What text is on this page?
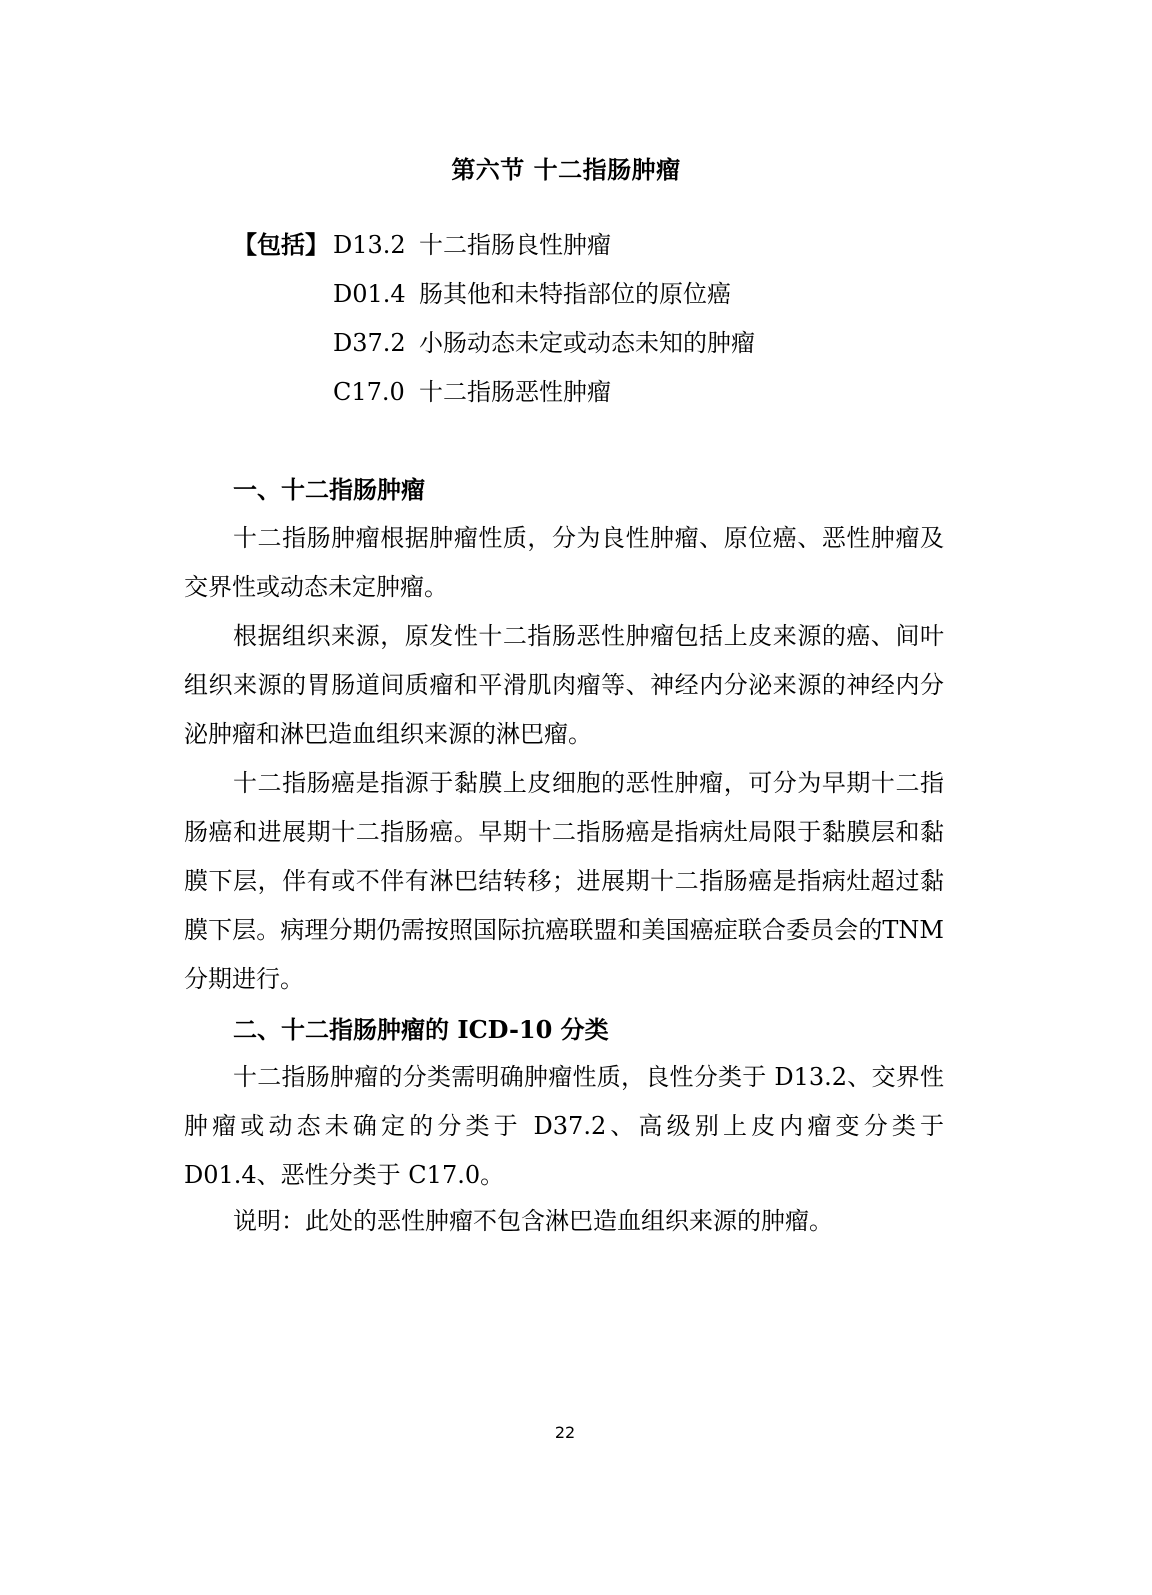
第六节 十二指肠肿瘤
【包括】 D13.2 十二指肠良性肿瘤
D01.4 肠其他和未特指部位的原位癌
D37.2 小肠动态未定或动态未知的肿瘤
C17.0 十二指肠恶性肿瘤
一、十二指肠肿瘤
十二指肠肿瘤根据肿瘤性质，分为良性肿瘤、原位癌、恶性肿瘤及交界性或动态未定肿瘤。
根据组织来源，原发性十二指肠恶性肿瘤包括上皮来源的癌、间叶组织来源的胃肠道间质瘤和平滑肌肉瘤等、神经内分泌来源的神经内分泌肿瘤和淋巴造血组织来源的淋巴瘤。
十二指肠癌是指源于黏膜上皮细胞的恶性肿瘤，可分为早期十二指肠癌和进展期十二指肠癌。早期十二指肠癌是指病灶局限于黏膜层和黏膜下层，伴有或不伴有淋巴结转移；进展期十二指肠癌是指病灶超过黏膜下层。病理分期仍需按照国际抗癌联盟和美国癌症联合委员会的TNM 分期进行。
二、十二指肠肿瘤的 ICD-10 分类
十二指肠肿瘤的分类需明确肿瘤性质，良性分类于 D13.2、交界性肿瘤或动态未确定的分类于 D37.2、高级别上皮内瘤变分类于 D01.4、恶性分类于 C17.0。
说明：此处的恶性肿瘤不包含淋巴造血组织来源的肿瘤。
22
